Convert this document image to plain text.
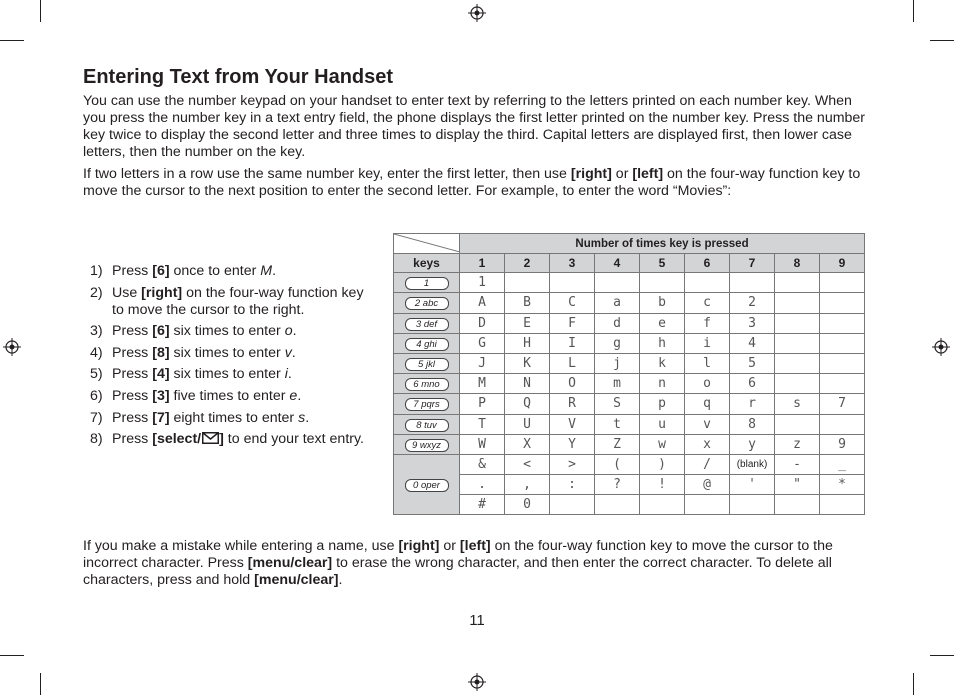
Entering Text from Your Handset

You can use the number keypad on your handset to enter text by referring to the letters printed on each number key. When you press the number key in a text entry field, the phone displays the first letter printed on the number key. Press the number key twice to display the second letter and three times to display the third. Capital letters are displayed first, then lower case letters, then the number on the key.

If two letters in a row use the same number key, enter the first letter, then use [right] or [left] on the four-way function key to move the cursor to the next position to enter the second letter. For example, to enter the word “Movies”:

1) Press [6] once to enter M.
2) Use [right] on the four-way function key to move the cursor to the right.
3) Press [6] six times to enter o.
4) Press [8] six times to enter v.
5) Press [4] six times to enter i.
6) Press [3] five times to enter e.
7) Press [7] eight times to enter s.
8) Press [select/ ] to end your text entry.
	Number of times key is pressed								
keys	1	2	3	4	5	6	7	8	9
1	1								
2 abc	A	B	C	a	b	c	2		
3 def	D	E	F	d	e	f	3		
4 ghi	G	H	I	g	h	i	4		
5 jkl	J	K	L	j	k	l	5		
6 mno	M	N	O	m	n	o	6		
7 pqrs	P	Q	R	S	p	q	r	s	7
8 tuv	T	U	V	t	u	v	8		
9 wxyz	W	X	Y	Z	w	x	y	z	9
0 oper	&	<	>	(	)	/	(blank)	-	_
	.	,	:	?	!	@	'	"	*
	#	0							

If you make a mistake while entering a name, use [right] or [left] on the four-way function key to move the cursor to the incorrect character. Press [menu/clear] to erase the wrong character, and then enter the correct character. To delete all characters, press and hold [menu/clear].

11
